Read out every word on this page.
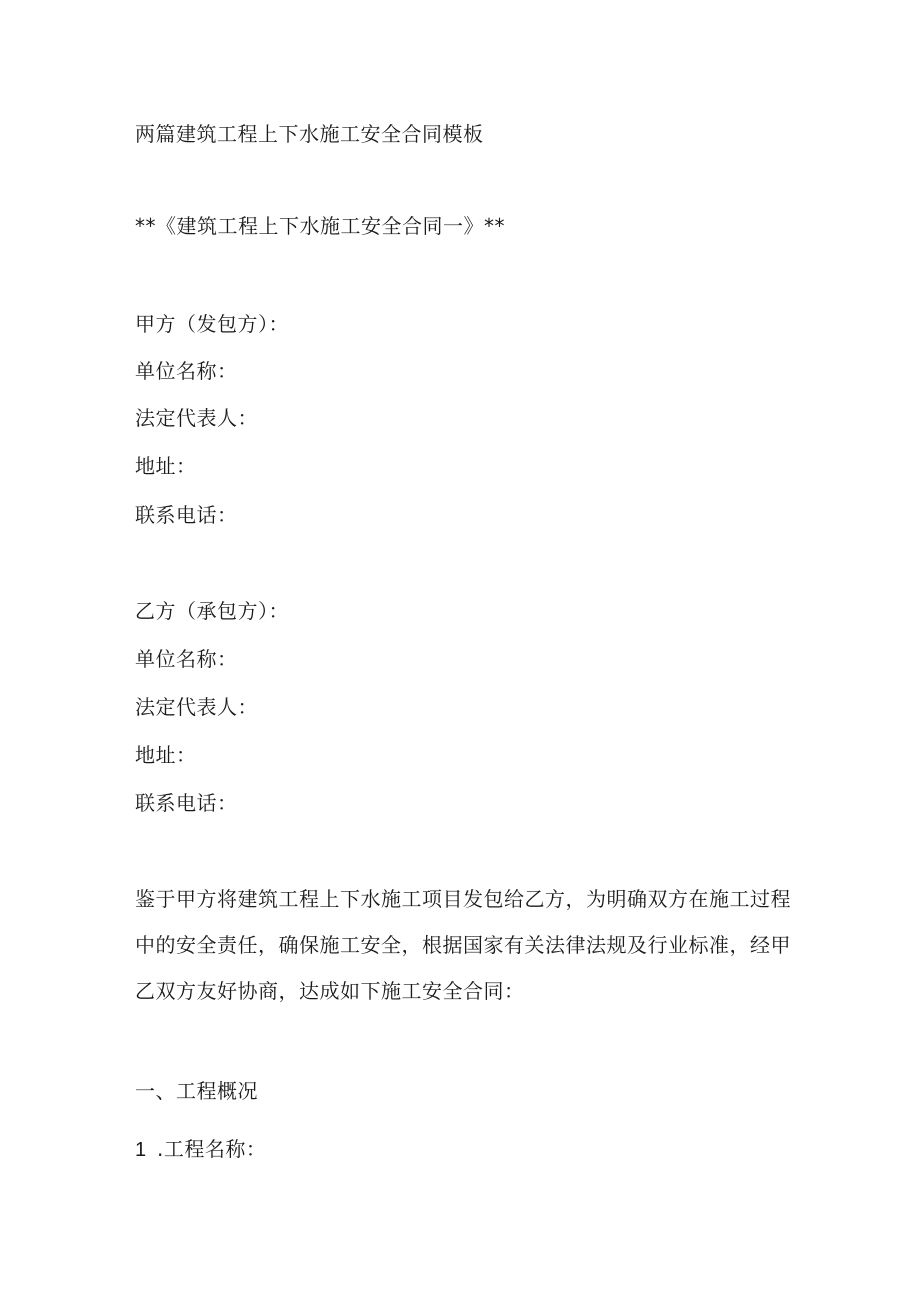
两篇建筑工程上下水施工安全合同模板
**《建筑工程上下水施工安全合同一》**
甲方（发包方）：
单位名称：
法定代表人：
地址：
联系电话：
乙方（承包方）：
单位名称：
法定代表人：
地址：
联系电话：
鉴于甲方将建筑工程上下水施工项目发包给乙方，为明确双方在施工过程
中的安全责任，确保施工安全，根据国家有关法律法规及行业标准，经甲
乙双方友好协商，达成如下施工安全合同：
一、工程概况
1 .工程名称：
